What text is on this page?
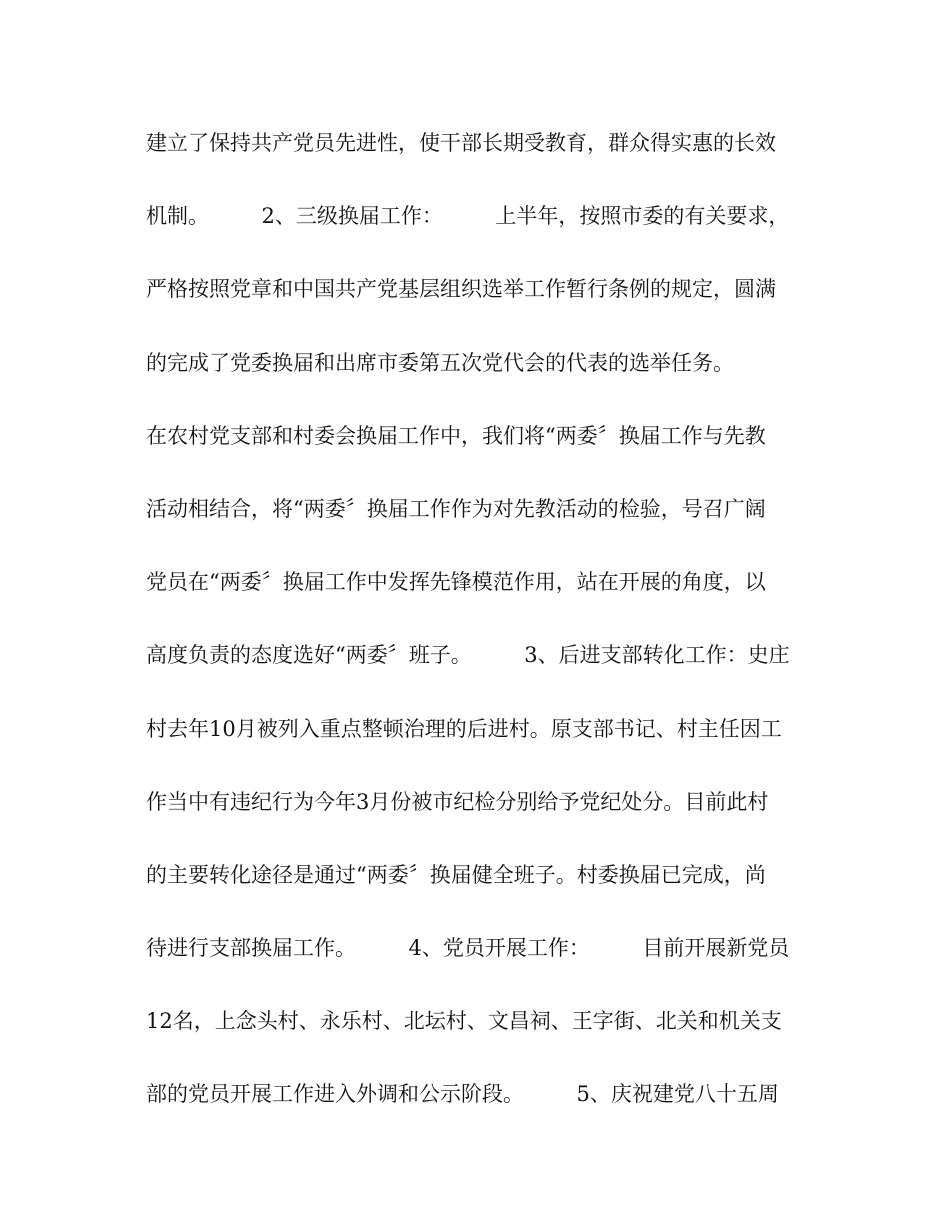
建立了保持共产党员先进性，使干部长期受教育，群众得实惠的长效
机制。　　　2、三级换届工作：　　　上半年，按照市委的有关要求，
严格按照党章和中国共产党基层组织选举工作暂行条例的规定，圆满
的完成了党委换届和出席市委第五次党代会的代表的选举任务。
在农村党支部和村委会换届工作中，我们将“两委〞换届工作与先教
活动相结合，将“两委〞换届工作作为对先教活动的检验，号召广阔
党员在“两委〞换届工作中发挥先锋模范作用，站在开展的角度，以
高度负责的态度选好“两委〞班子。　　　3、后进支部转化工作：史庄
村去年10月被列入重点整顿治理的后进村。原支部书记、村主任因工
作当中有违纪行为今年3月份被市纪检分别给予党纪处分。目前此村
的主要转化途径是通过“两委〞换届健全班子。村委换届已完成，尚
待进行支部换届工作。　　　4、党员开展工作：　　　目前开展新党员
12名，上念头村、永乐村、北坛村、文昌祠、王字街、北关和机关支
部的党员开展工作进入外调和公示阶段。　　　5、庆祝建党八十五周
